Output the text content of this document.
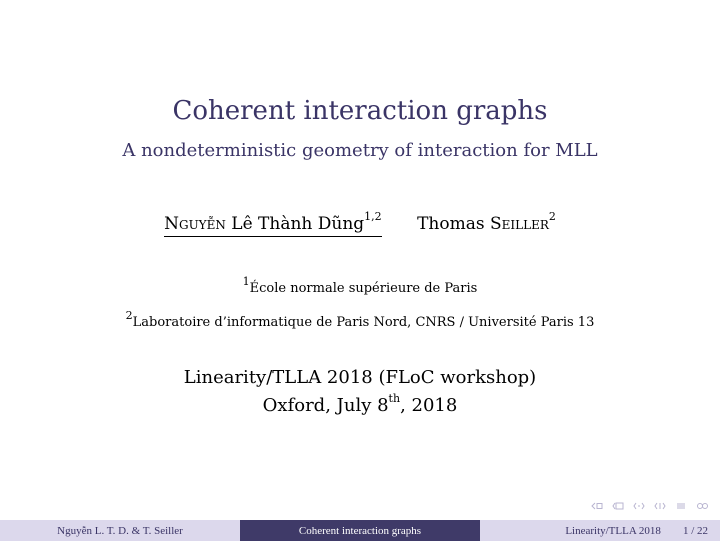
Coherent interaction graphs
A nondeterministic geometry of interaction for MLL
Nguyễn Lê Thành Dũng$^{1,2}$ Thomas Seiller$^2$
$^1$École normale supérieure de Paris
$^2$Laboratoire d’informatique de Paris Nord, CNRS / Université Paris 13
Linearity/TLLA 2018 (FLoC workshop)
Oxford, July 8th, 2018
Nguyễn L. T. D. & T. Seiller	Coherent interaction graphs	Linearity/TLLA 2018 1 / 22
